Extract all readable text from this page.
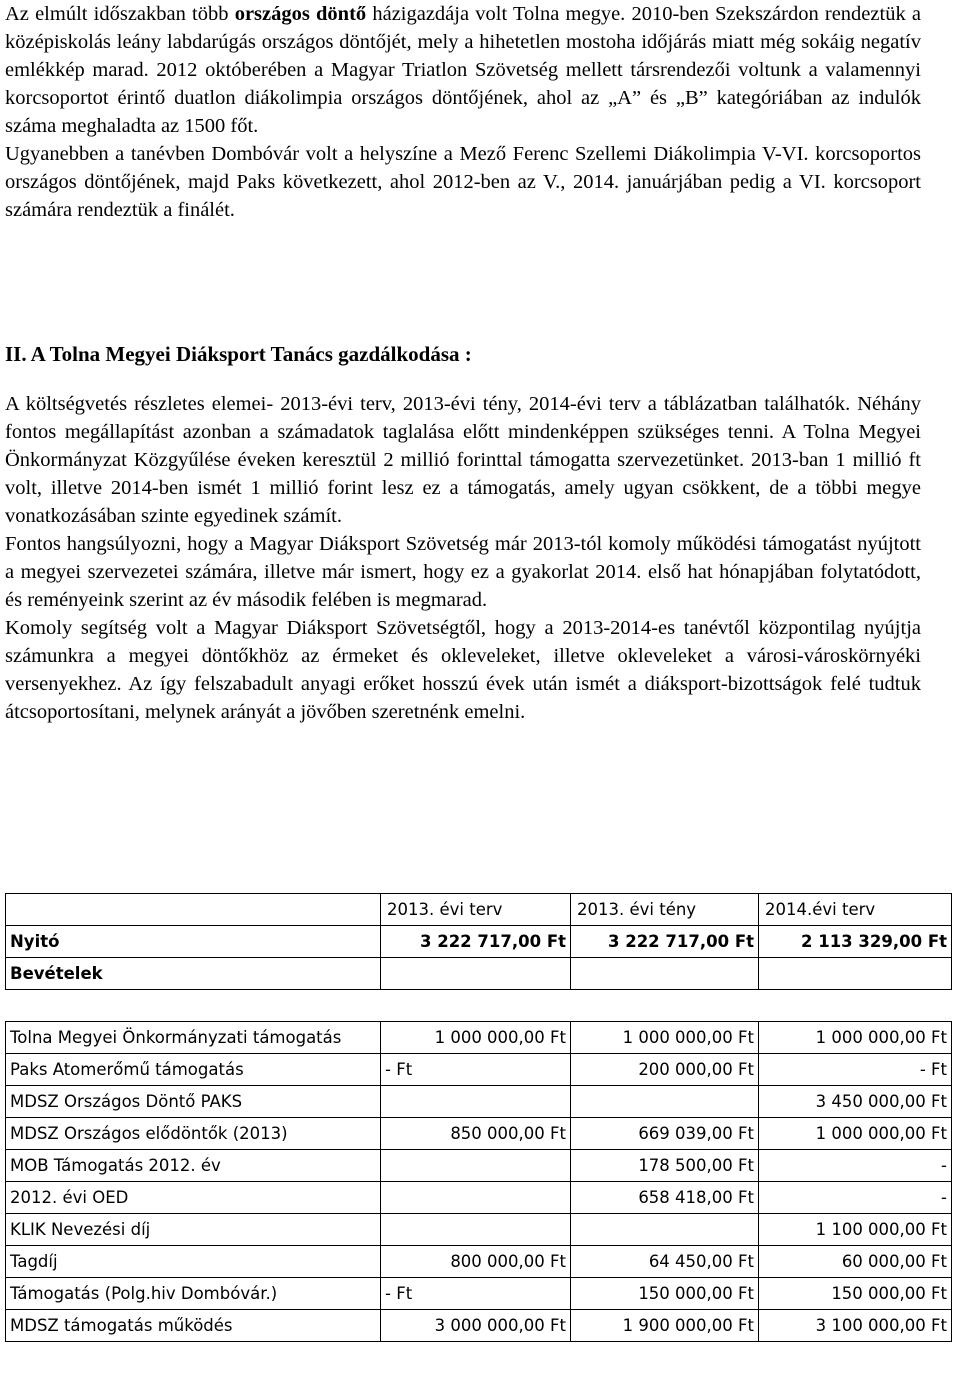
Az elmúlt időszakban több országos döntő házigazdája volt Tolna megye. 2010-ben Szekszárdon rendeztük a középiskolás leány labdarúgás országos döntőjét, mely a hihetetlen mostoha időjárás miatt még sokáig negatív emlékkép marad. 2012 októberében a Magyar Triatlon Szövetség mellett társrendezői voltunk a valamennyi korcsoportot érintő duatlon diákolimpia országos döntőjének, ahol az „A” és „B” kategóriában az indulók száma meghaladta az 1500 főt.

Ugyanebben a tanévben Dombóvár volt a helyszíne a Mező Ferenc Szellemi Diákolimpia V-VI. korcsoportos országos döntőjének, majd Paks következett, ahol 2012-ben az V., 2014. januárjában pedig a VI. korcsoport számára rendeztük a finálét.

II. A Tolna Megyei Diáksport Tanács gazdálkodása :

A költségvetés részletes elemei- 2013-évi terv, 2013-évi tény, 2014-évi terv a táblázatban találhatók. Néhány fontos megállapítást azonban a számadatok taglalása előtt mindenképpen szükséges tenni. A Tolna Megyei Önkormányzat Közgyűlése éveken keresztül 2 millió forinttal támogatta szervezetünket. 2013-ban 1 millió ft volt, illetve 2014-ben ismét 1 millió forint lesz ez a támogatás, amely ugyan csökkent, de a többi megye vonatkozásában szinte egyedinek számít.

Fontos hangsúlyozni, hogy a Magyar Diáksport Szövetség már 2013-tól komoly működési támogatást nyújtott a megyei szervezetei számára, illetve már ismert, hogy ez a gyakorlat 2014. első hat hónapjában folytatódott, és reményeink szerint az év második felében is megmarad.

Komoly segítség volt a Magyar Diáksport Szövetségtől, hogy a 2013-2014-es tanévtől központilag nyújtja számunkra a megyei döntőkhöz az érmeket és okleveleket, illetve okleveleket a városi-városkörnyéki versenyekhez. Az így felszabadult anyagi erőket hosszú évek után ismét a diáksport-bizottságok felé tudtuk átcsoportosítani, melynek arányát a jövőben szeretnénk emelni.

	2013. évi terv	2013. évi tény	2014.évi terv
Nyitó	3 222 717,00 Ft	3 222 717,00 Ft	2 113 329,00 Ft
Bevételek			

Tolna Megyei Önkormányzati támogatás	1 000 000,00 Ft	1 000 000,00 Ft	1 000 000,00 Ft
Paks Atomerőmű támogatás	- Ft	200 000,00 Ft	- Ft
MDSZ Országos Döntő PAKS			3 450 000,00 Ft
MDSZ Országos elődöntők (2013)	850 000,00 Ft	669 039,00 Ft	1 000 000,00 Ft
MOB Támogatás 2012. év		178 500,00 Ft	-
2012. évi OED		658 418,00 Ft	-
KLIK Nevezési díj			1 100 000,00 Ft
Tagdíj	800 000,00 Ft	64 450,00 Ft	60 000,00 Ft
Támogatás (Polg.hiv Dombóvár.)	- Ft	150 000,00 Ft	150 000,00 Ft
MDSZ támogatás működés	3 000 000,00 Ft	1 900 000,00 Ft	3 100 000,00 Ft
